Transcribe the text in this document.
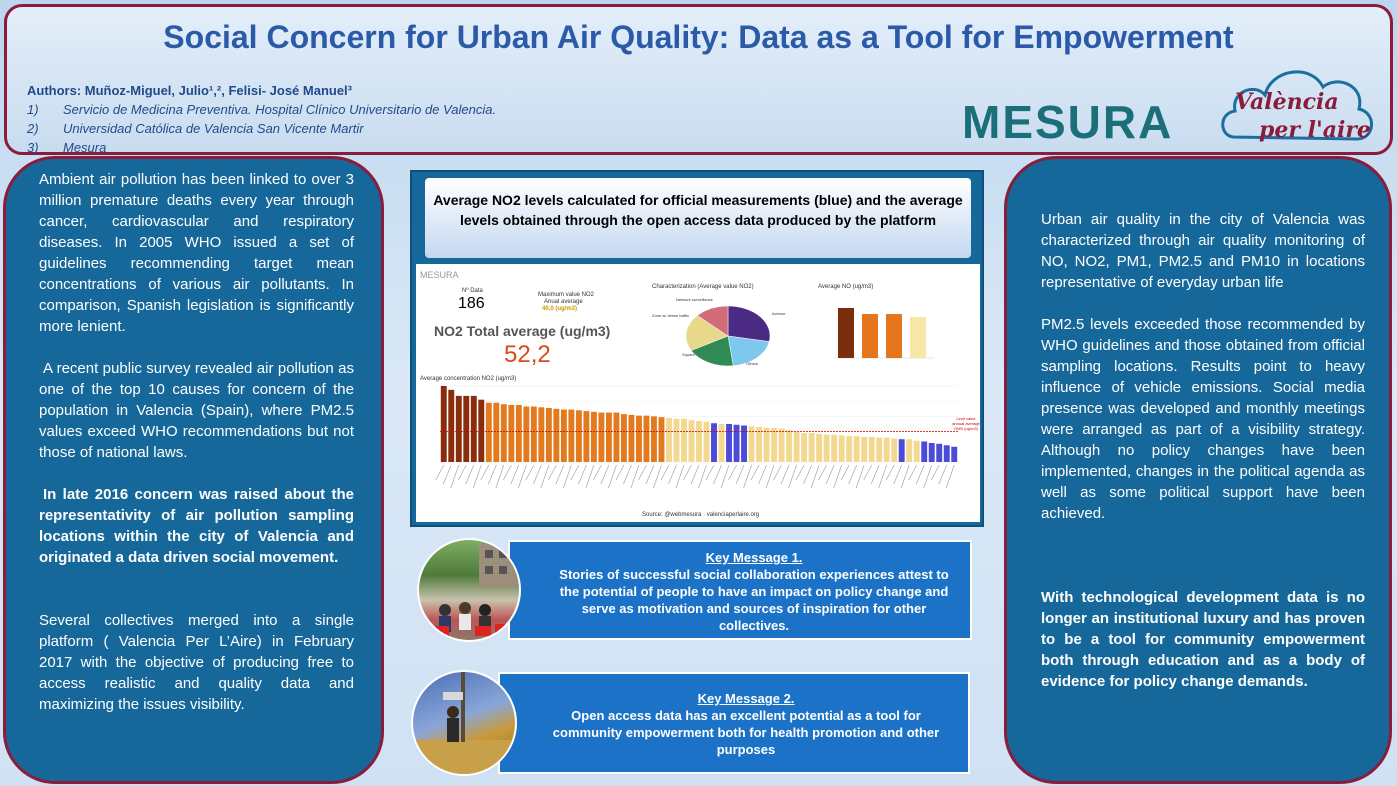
Social Concern for Urban Air Quality: Data as a Tool for Empowerment
Authors: Muñoz-Miguel, Julio¹,², Felisi- José Manuel³
1) Servicio de Medicina Preventiva. Hospital Clínico Universitario de Valencia.
2) Universidad Católica de Valencia San Vicente Martir
3) Mesura	MESURA	València
per l'aire

Ambient air pollution has been linked to over 3 million premature deaths every year through cancer, cardiovascular and respiratory diseases. In 2005 WHO issued a set of guidelines recommending target mean concentrations of various air pollutants. In comparison, Spanish legislation is significantly more lenient.

A recent public survey revealed air pollution as one of the top 10 causes for concern of the population in Valencia (Spain), where PM2.5 values exceed WHO recommendations but not those of national laws.

In late 2016 concern was raised about the representativity of air pollution sampling locations within the city of Valencia and originated a data driven social movement.

Several collectives merged into a single platform ( Valencia Per L’Aire) in February 2017 with the objective of producing free to access realistic and quality data and maximizing the issues visibility.

Average NO2 levels calculated for official measurements (blue) and the average levels obtained through the open access data produced by the platform
MESURA
Nº Data
186	Maximum value NO2
Anual average
40,0 (ug/m3)
NO2 Total average (ug/m3)
52,2
Characterization (Average value NO2)
Network surveillance
Zone w/ dense traffic
Square
Others
Avenue
Average NO (ug/m3)
Average concentration NO2 (ug/m3)
Limit value annual average OMS (ug/m3)
Source: @webmesura · valenciaperlaire.org
Key Message 1.
Stories of successful social collaboration experiences attest to the potential of people to have an impact on policy change and serve as motivation and sources of inspiration for other collectives.
Key Message 2.
Open access data has an excellent potential as a tool for community empowerment both for health promotion and other purposes

Urban air quality in the city of Valencia was characterized through air quality monitoring of NO, NO2, PM1, PM2.5 and PM10 in locations representative of everyday urban life

PM2.5 levels exceeded those recommended by WHO guidelines and those obtained from official sampling locations. Results point to heavy influence of vehicle emissions. Social media presence was developed and monthly meetings were arranged as part of a visibility strategy. Although no policy changes have been implemented, changes in the political agenda as well as some political support have been achieved.

With technological development data is no longer an institutional luxury and has proven to be a tool for community empowerment both through education and as a body of evidence for policy change demands.
